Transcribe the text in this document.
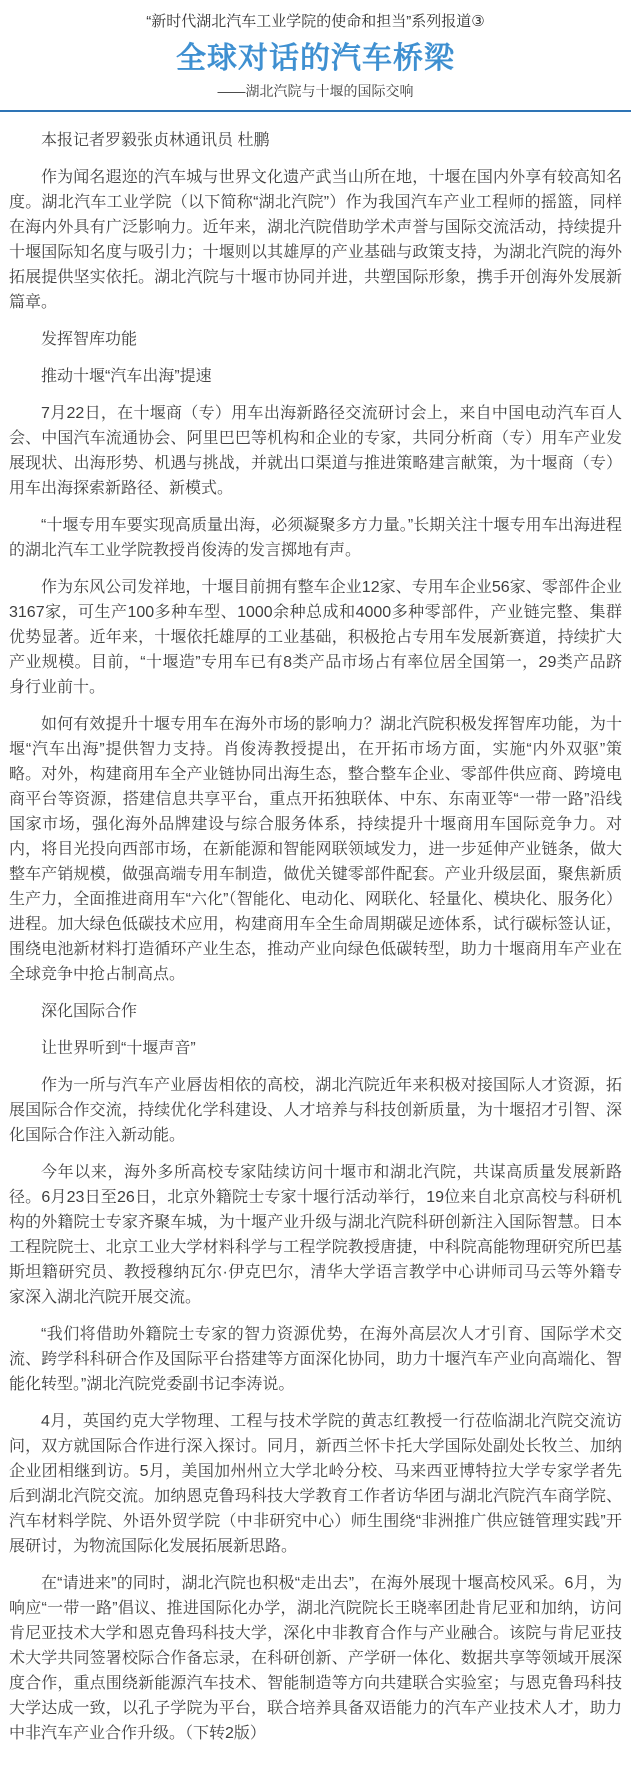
“新时代湖北汽车工业学院的使命和担当”系列报道③
全球对话的汽车桥梁
——湖北汽院与十堰的国际交响
本报记者罗毅张贞林通讯员 杜鹏

作为闻名遐迩的汽车城与世界文化遗产武当山所在地，十堰在国内外享有较高知名度。湖北汽车工业学院（以下简称“湖北汽院”）作为我国汽车产业工程师的摇篮，同样在海内外具有广泛影响力。近年来，湖北汽院借助学术声誉与国际交流活动，持续提升十堰国际知名度与吸引力；十堰则以其雄厚的产业基础与政策支持，为湖北汽院的海外拓展提供坚实依托。湖北汽院与十堰市协同并进，共塑国际形象，携手开创海外发展新篇章。

发挥智库功能

推动十堰“汽车出海”提速

7月22日，在十堰商（专）用车出海新路径交流研讨会上，来自中国电动汽车百人会、中国汽车流通协会、阿里巴巴等机构和企业的专家，共同分析商（专）用车产业发展现状、出海形势、机遇与挑战，并就出口渠道与推进策略建言献策，为十堰商（专）用车出海探索新路径、新模式。

“十堰专用车要实现高质量出海，必须凝聚多方力量。”长期关注十堰专用车出海进程的湖北汽车工业学院教授肖俊涛的发言掷地有声。

作为东风公司发祥地，十堰目前拥有整车企业12家、专用车企业56家、零部件企业3167家，可生产100多种车型、1000余种总成和4000多种零部件，产业链完整、集群优势显著。近年来，十堰依托雄厚的工业基础，积极抢占专用车发展新赛道，持续扩大产业规模。目前，“十堰造”专用车已有8类产品市场占有率位居全国第一，29类产品跻身行业前十。

如何有效提升十堰专用车在海外市场的影响力？湖北汽院积极发挥智库功能，为十堰“汽车出海”提供智力支持。肖俊涛教授提出，在开拓市场方面，实施“内外双驱”策略。对外，构建商用车全产业链协同出海生态，整合整车企业、零部件供应商、跨境电商平台等资源，搭建信息共享平台，重点开拓独联体、中东、东南亚等“一带一路”沿线国家市场，强化海外品牌建设与综合服务体系，持续提升十堰商用车国际竞争力。对内，将目光投向西部市场，在新能源和智能网联领域发力，进一步延伸产业链条，做大整车产销规模，做强高端专用车制造，做优关键零部件配套。产业升级层面，聚焦新质生产力，全面推进商用车“六化”（智能化、电动化、网联化、轻量化、模块化、服务化）进程。加大绿色低碳技术应用，构建商用车全生命周期碳足迹体系，试行碳标签认证，围绕电池新材料打造循环产业生态，推动产业向绿色低碳转型，助力十堰商用车产业在全球竞争中抢占制高点。

深化国际合作

让世界听到“十堰声音”

作为一所与汽车产业唇齿相依的高校，湖北汽院近年来积极对接国际人才资源，拓展国际合作交流，持续优化学科建设、人才培养与科技创新质量，为十堰招才引智、深化国际合作注入新动能。

今年以来，海外多所高校专家陆续访问十堰市和湖北汽院，共谋高质量发展新路径。6月23日至26日，北京外籍院士专家十堰行活动举行，19位来自北京高校与科研机构的外籍院士专家齐聚车城，为十堰产业升级与湖北汽院科研创新注入国际智慧。日本工程院院士、北京工业大学材料科学与工程学院教授唐捷，中科院高能物理研究所巴基斯坦籍研究员、教授穆纳瓦尔·伊克巴尔，清华大学语言教学中心讲师司马云等外籍专家深入湖北汽院开展交流。

“我们将借助外籍院士专家的智力资源优势，在海外高层次人才引育、国际学术交流、跨学科科研合作及国际平台搭建等方面深化协同，助力十堰汽车产业向高端化、智能化转型。”湖北汽院党委副书记李涛说。

4月，英国约克大学物理、工程与技术学院的黄志红教授一行莅临湖北汽院交流访问，双方就国际合作进行深入探讨。同月，新西兰怀卡托大学国际处副处长牧兰、加纳企业团相继到访。5月，美国加州州立大学北岭分校、马来西亚博特拉大学专家学者先后到湖北汽院交流。加纳恩克鲁玛科技大学教育工作者访华团与湖北汽院汽车商学院、汽车材料学院、外语外贸学院（中非研究中心）师生围绕“非洲推广供应链管理实践”开展研讨，为物流国际化发展拓展新思路。

在“请进来”的同时，湖北汽院也积极“走出去”，在海外展现十堰高校风采。6月，为响应“一带一路”倡议、推进国际化办学，湖北汽院院长王晓率团赴肯尼亚和加纳，访问肯尼亚技术大学和恩克鲁玛科技大学，深化中非教育合作与产业融合。该院与肯尼亚技术大学共同签署校际合作备忘录，在科研创新、产学研一体化、数据共享等领域开展深度合作，重点围绕新能源汽车技术、智能制造等方向共建联合实验室；与恩克鲁玛科技大学达成一致，以孔子学院为平台，联合培养具备双语能力的汽车产业技术人才，助力中非汽车产业合作升级。（下转2版）
